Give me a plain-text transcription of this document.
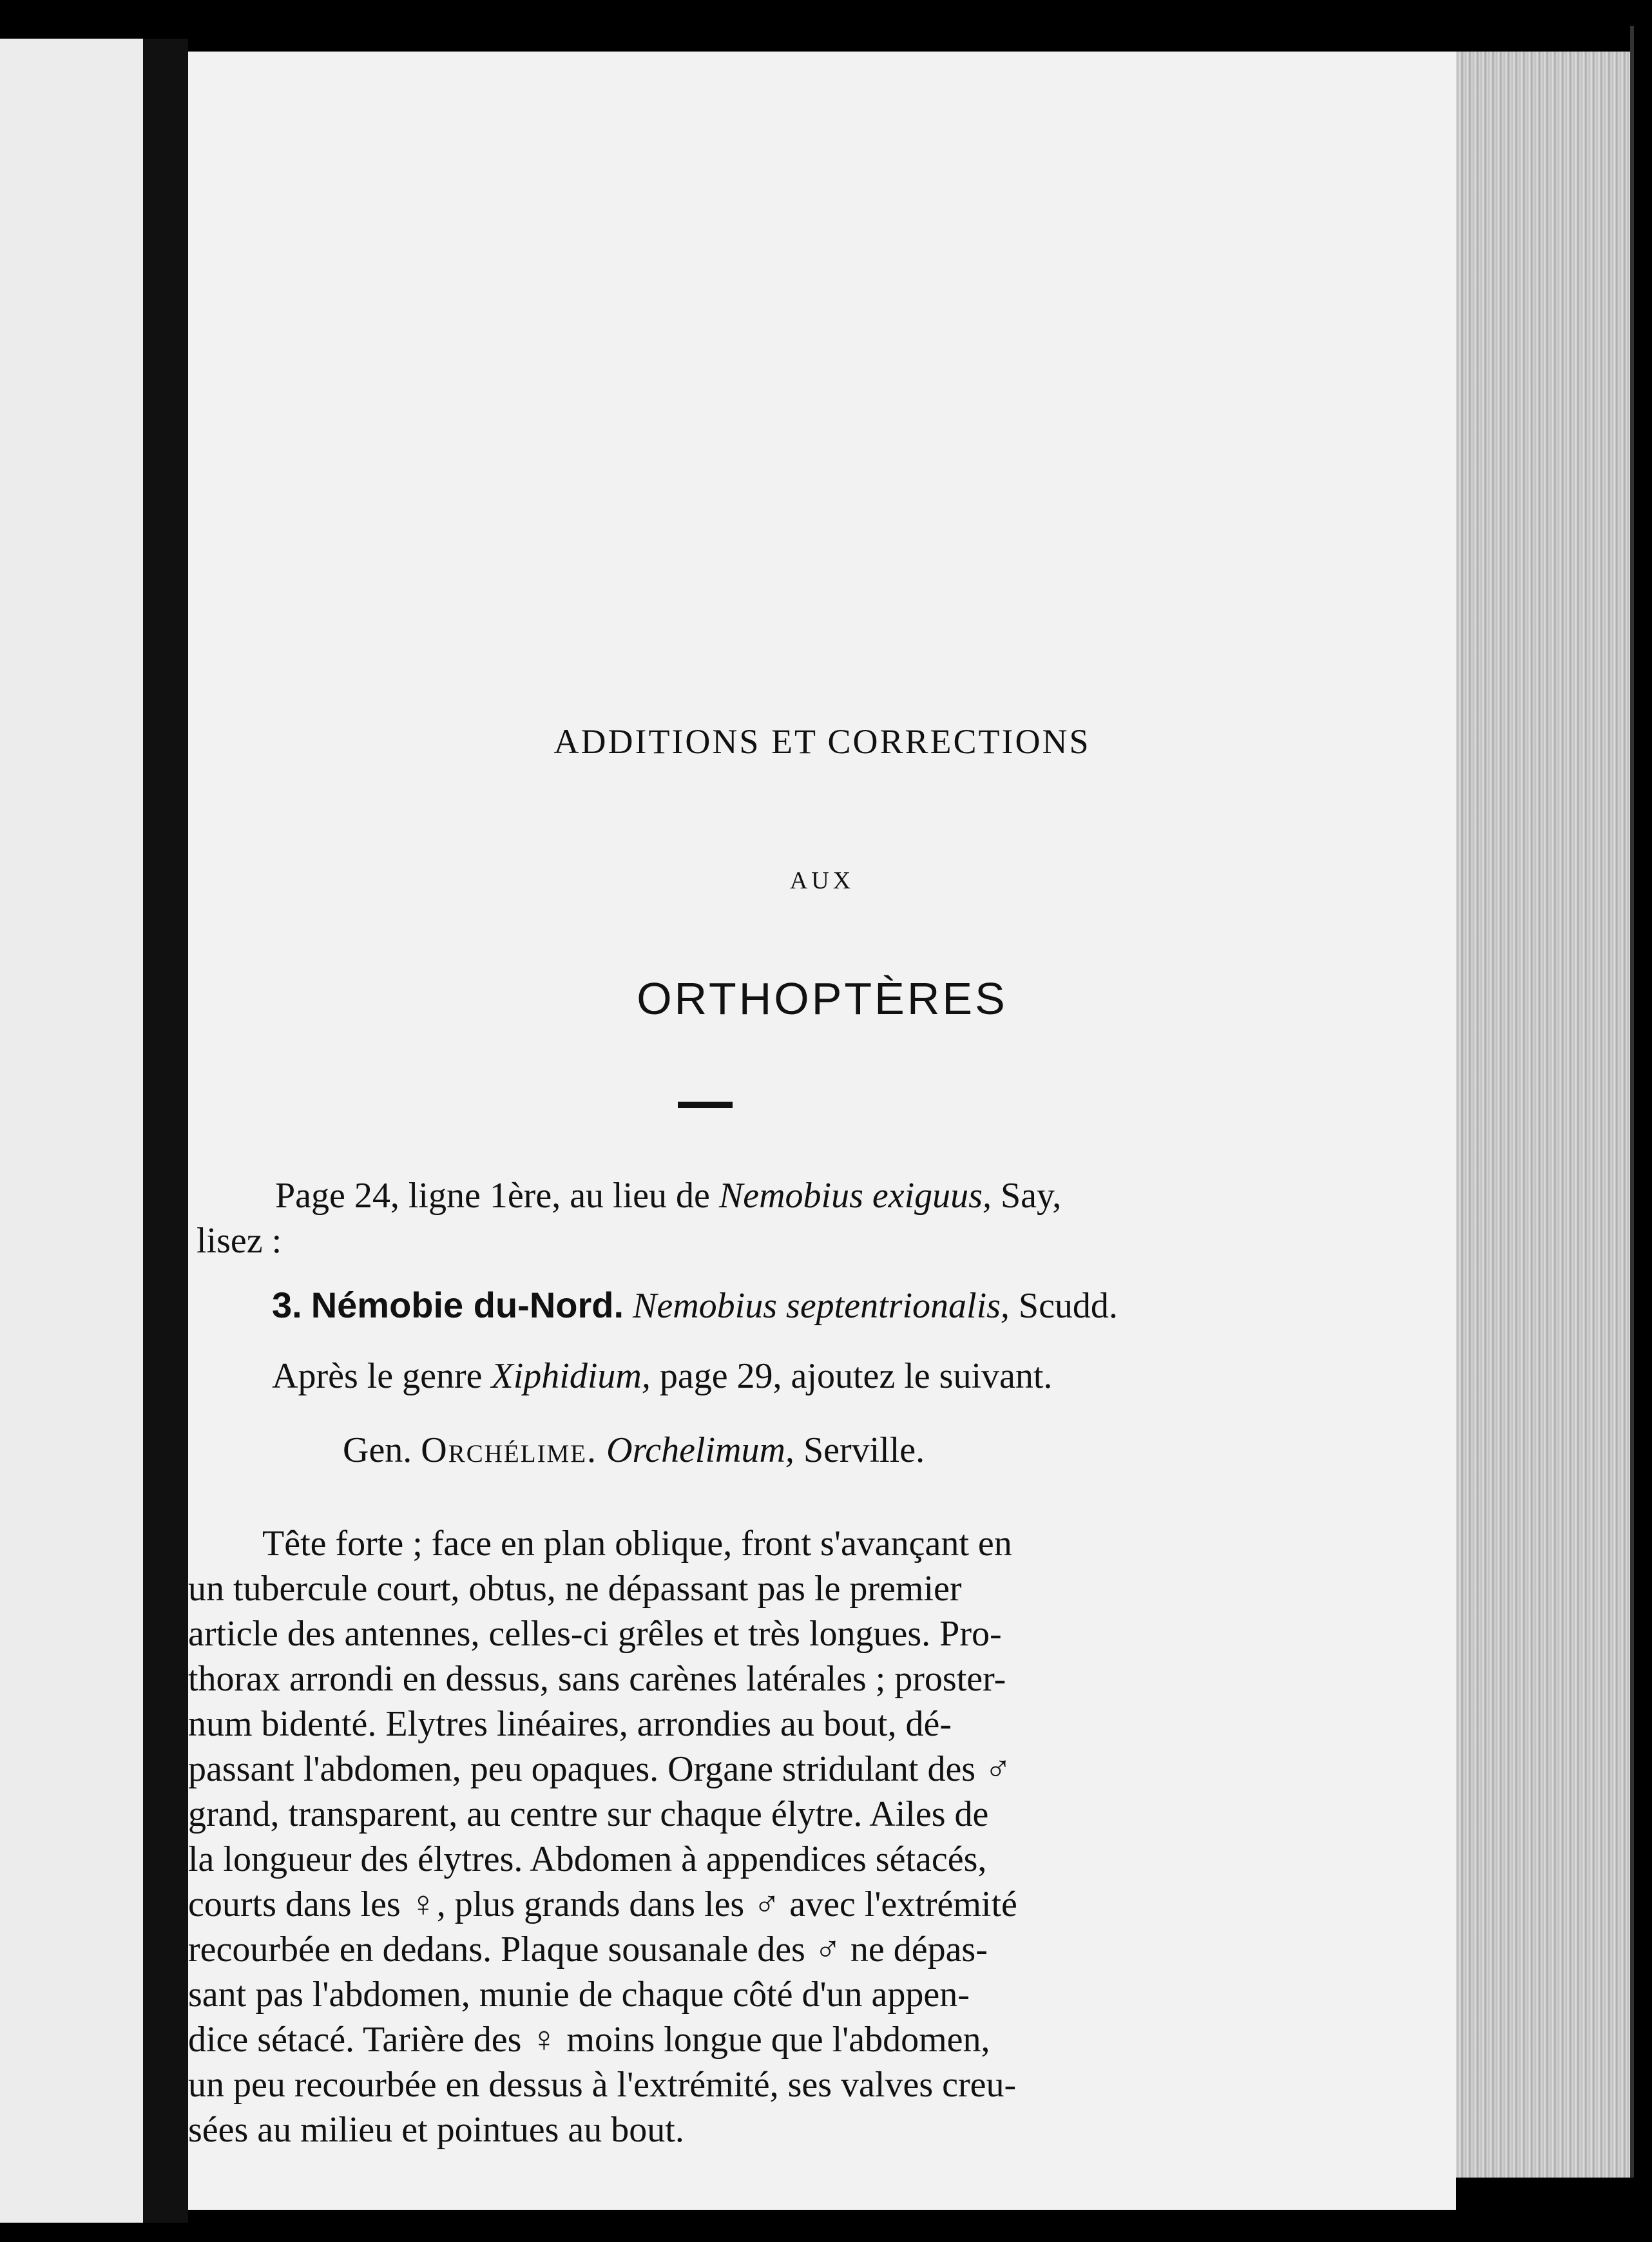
ADDITIONS ET CORRECTIONS
AUX
ORTHOPTÈRES
Page 24, ligne 1ère, au lieu de Nemobius exiguus, Say,
lisez :
3. Némobie du-Nord. Nemobius septentrionalis, Scudd.
Après le genre Xiphidium, page 29, ajoutez le suivant.
Gen. Orchélime. Orchelimum, Serville.
Tête forte ; face en plan oblique, front s'avançant en
un tubercule court, obtus, ne dépassant pas le premier
article des antennes, celles-ci grêles et très longues. Pro-
thorax arrondi en dessus, sans carènes latérales ; proster-
num bidenté. Elytres linéaires, arrondies au bout, dé-
passant l'abdomen, peu opaques. Organe stridulant des ♂
grand, transparent, au centre sur chaque élytre. Ailes de
la longueur des élytres. Abdomen à appendices sétacés,
courts dans les ♀, plus grands dans les ♂ avec l'extrémité
recourbée en dedans. Plaque sousanale des ♂ ne dépas-
sant pas l'abdomen, munie de chaque côté d'un appen-
dice sétacé. Tarière des ♀ moins longue que l'abdomen,
un peu recourbée en dessus à l'extrémité, ses valves creu-
sées au milieu et pointues au bout.
